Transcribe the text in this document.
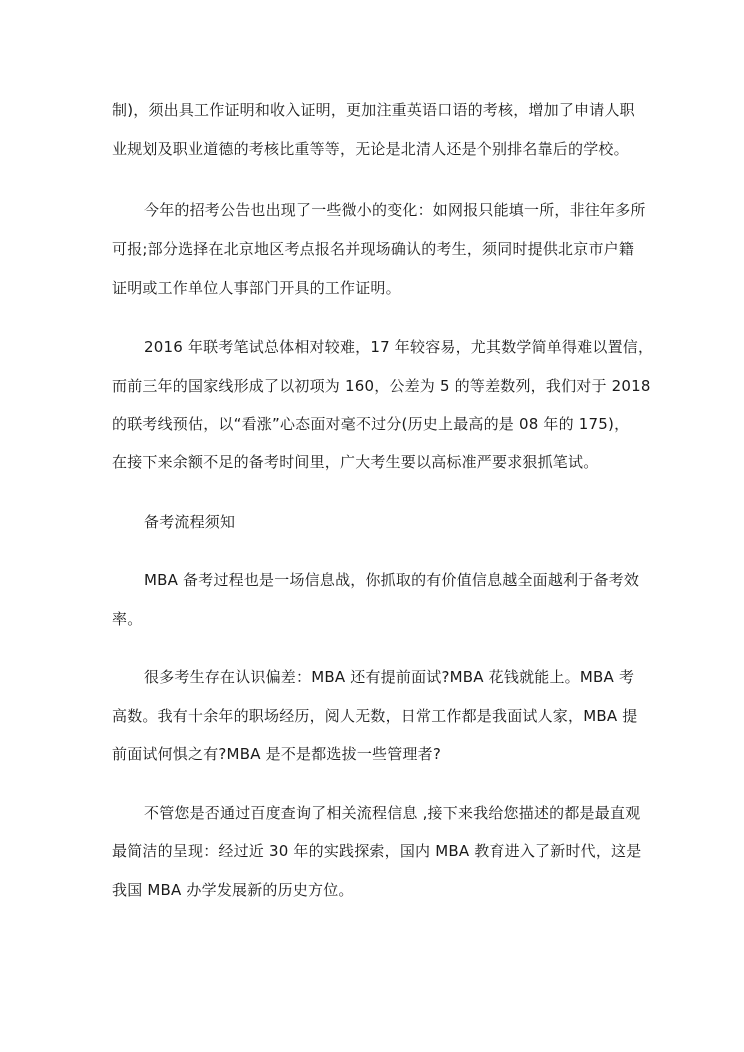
制)，须出具工作证明和收入证明，更加注重英语口语的考核，增加了申请人职
业规划及职业道德的考核比重等等，无论是北清人还是个别排名靠后的学校。
今年的招考公告也出现了一些微小的变化：如网报只能填一所，非往年多所
可报;部分选择在北京地区考点报名并现场确认的考生，须同时提供北京市户籍
证明或工作单位人事部门开具的工作证明。
2016 年联考笔试总体相对较难，17 年较容易，尤其数学简单得难以置信，
而前三年的国家线形成了以初项为 160，公差为 5 的等差数列，我们对于 2018
的联考线预估，以“看涨”心态面对毫不过分(历史上最高的是 08 年的 175)，
在接下来余额不足的备考时间里，广大考生要以高标准严要求狠抓笔试。
备考流程须知
MBA 备考过程也是一场信息战，你抓取的有价值信息越全面越利于备考效
率。
很多考生存在认识偏差：MBA 还有提前面试?MBA 花钱就能上。MBA 考
高数。我有十余年的职场经历，阅人无数，日常工作都是我面试人家，MBA 提
前面试何惧之有?MBA 是不是都选拔一些管理者?
不管您是否通过百度查询了相关流程信息 ,接下来我给您描述的都是最直观
最简洁的呈现：经过近 30 年的实践探索，国内 MBA 教育进入了新时代，这是
我国 MBA 办学发展新的历史方位。
